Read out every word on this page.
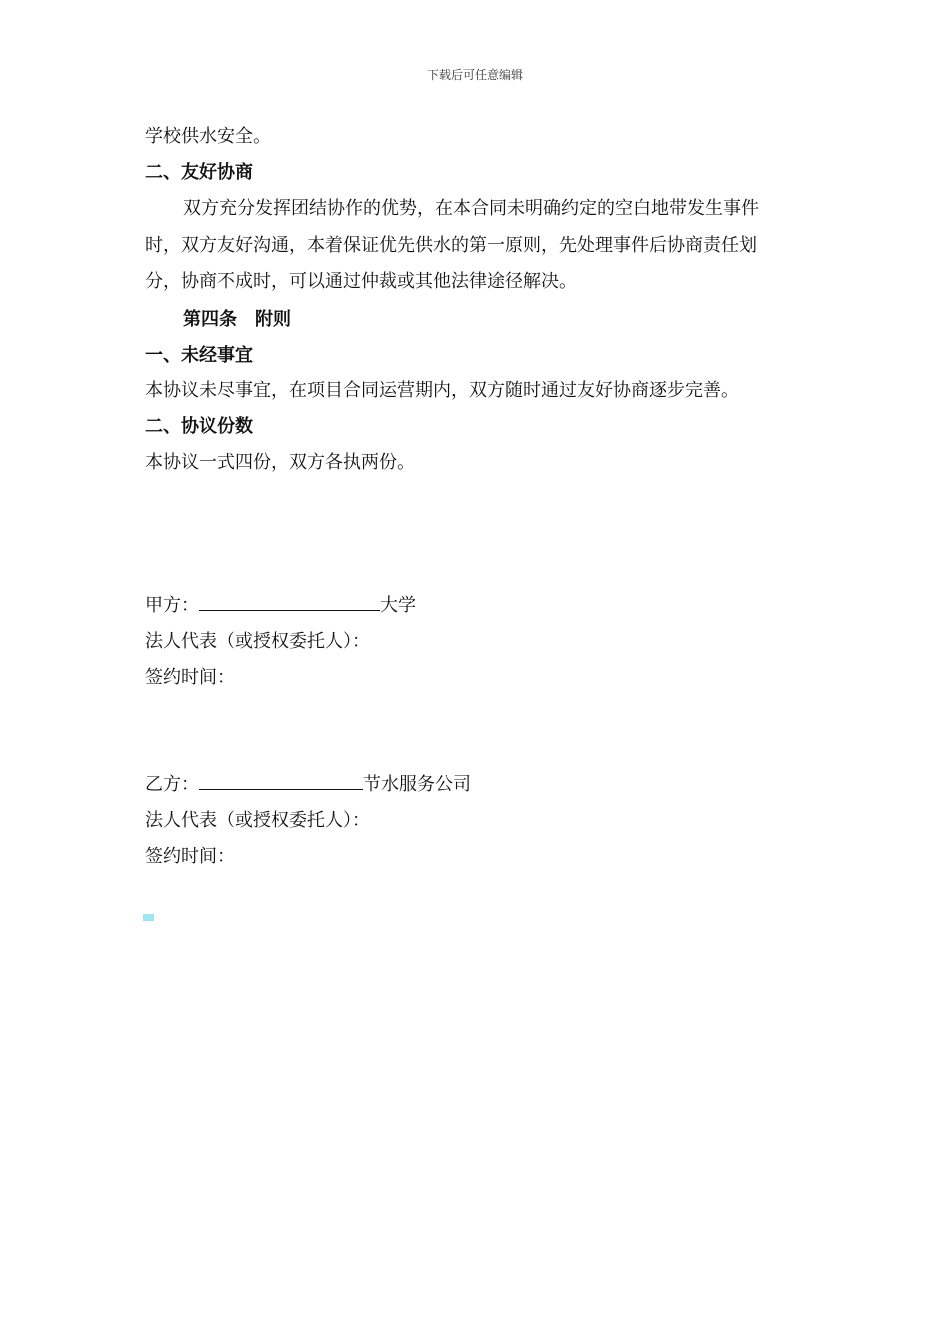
下载后可任意编辑
学校供水安全。
二、友好协商
双方充分发挥团结协作的优势，在本合同未明确约定的空白地带发生事件
时，双方友好沟通，本着保证优先供水的第一原则，先处理事件后协商责任划
分，协商不成时，可以通过仲裁或其他法律途径解决。
第四条　附则
一、未经事宜
本协议未尽事宜，在项目合同运营期内，双方随时通过友好协商逐步完善。
二、协议份数
本协议一式四份，双方各执两份。
甲方：	大学
法人代表（或授权委托人）：
签约时间：
乙方：	节水服务公司
法人代表（或授权委托人）：
签约时间：
